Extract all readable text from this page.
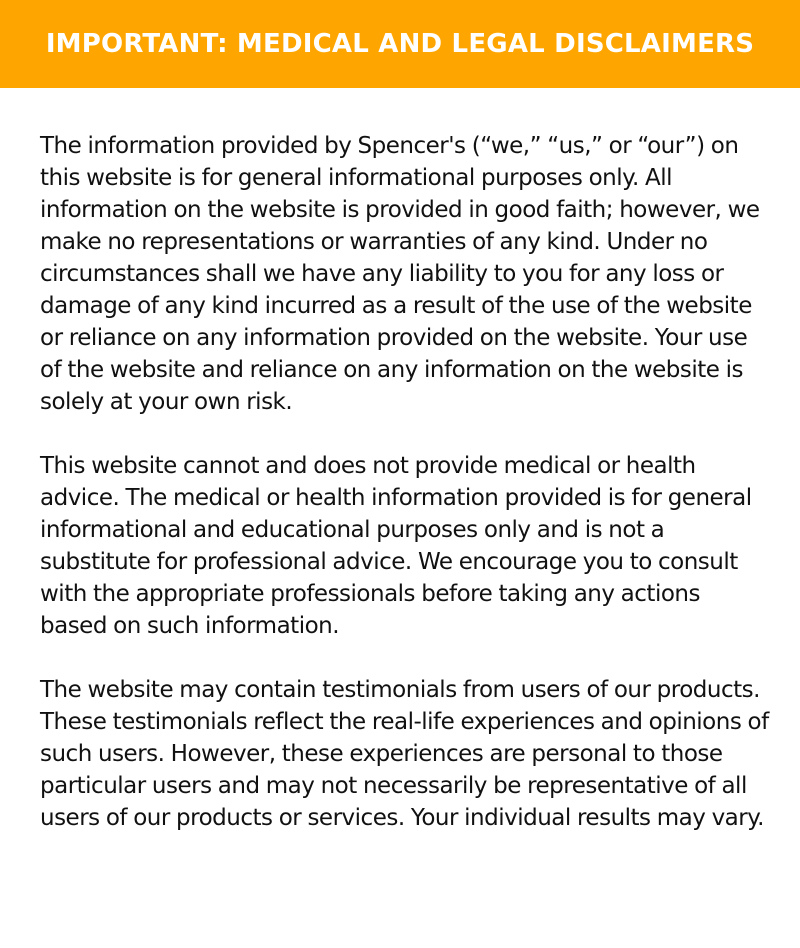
IMPORTANT: MEDICAL AND LEGAL DISCLAIMERS

The information provided by Spencer's (“we,” “us,” or “our”) on this website is for general informational purposes only. All information on the website is provided in good faith; however, we make no representations or warranties of any kind. Under no circumstances shall we have any liability to you for any loss or damage of any kind incurred as a result of the use of the website or reliance on any information provided on the website. Your use of the website and reliance on any information on the website is solely at your own risk.

This website cannot and does not provide medical or health advice. The medical or health information provided is for general informational and educational purposes only and is not a substitute for professional advice. We encourage you to consult with the appropriate professionals before taking any actions based on such information.

The website may contain testimonials from users of our products. These testimonials reflect the real-life experiences and opinions of such users. However, these experiences are personal to those particular users and may not necessarily be representative of all users of our products or services. Your individual results may vary.
